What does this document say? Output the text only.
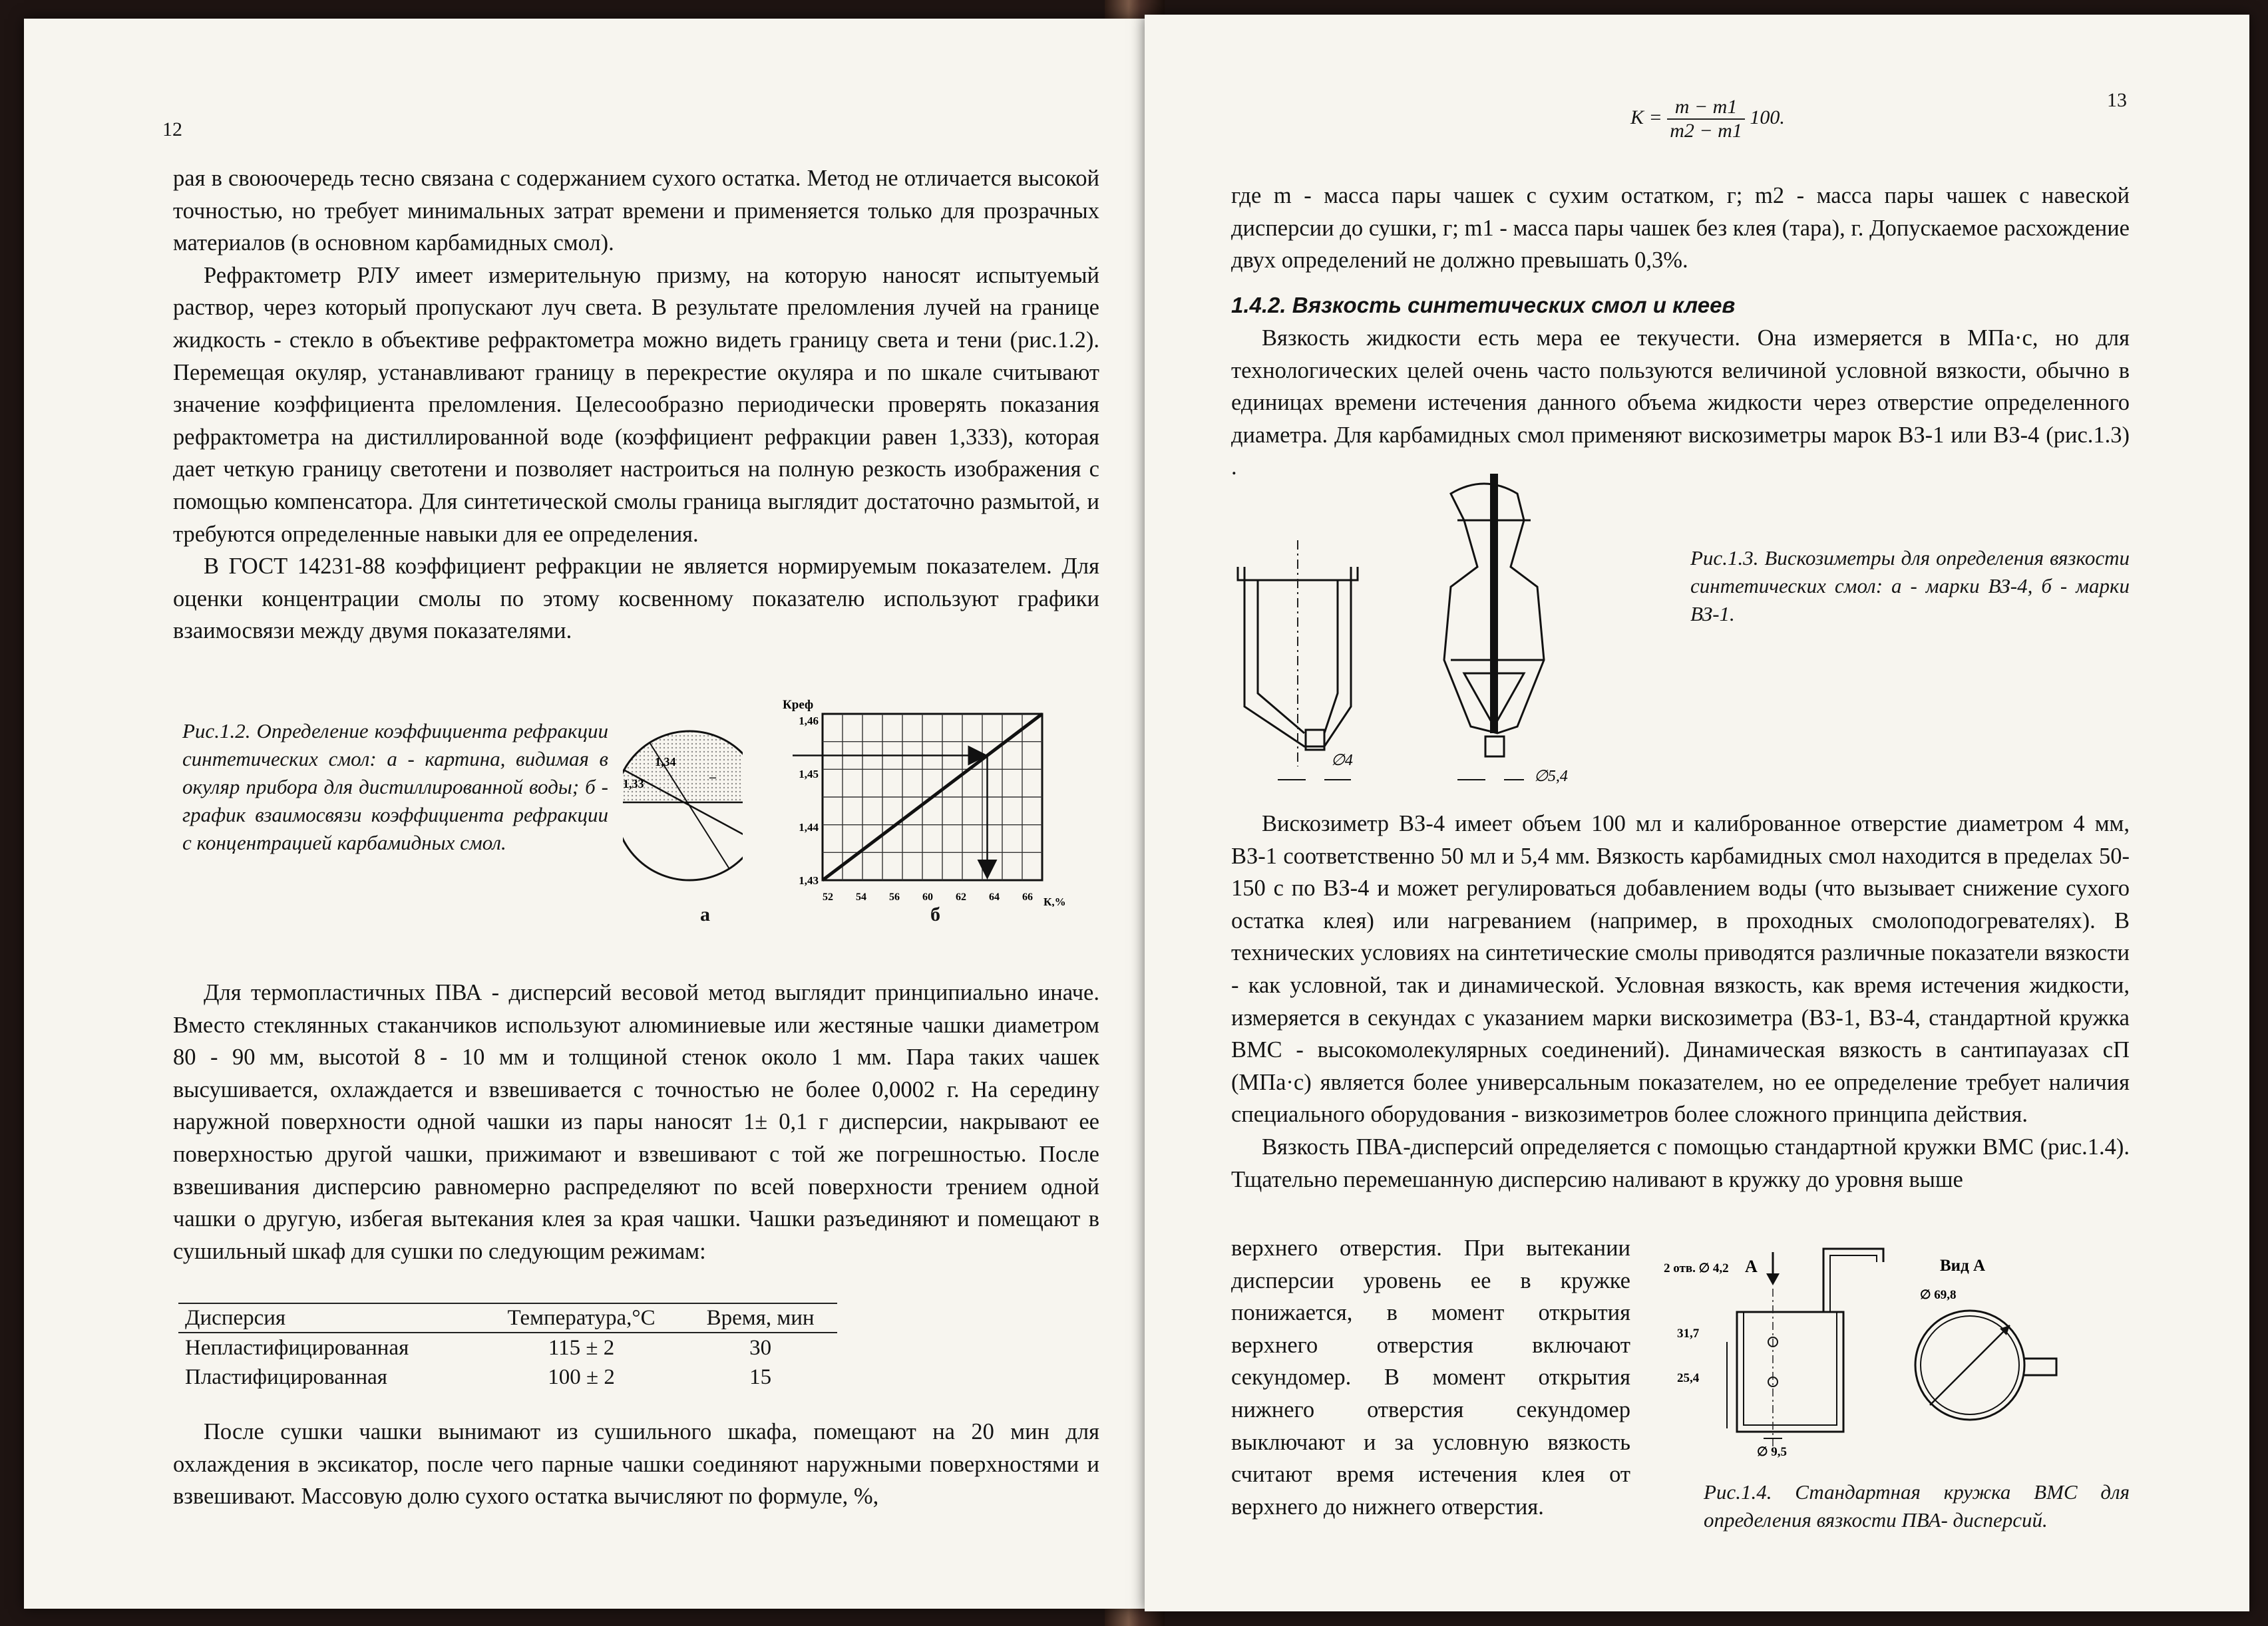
12

рая в своюочередь тесно связана с содержанием сухого остатка. Метод не отличается высокой точностью, но требует минимальных затрат времени и применяется только для прозрачных материалов (в основном карбамидных смол).

Рефрактометр РЛУ имеет измерительную призму, на которую наносят испытуемый раствор, через который пропускают луч света. В результате преломления лучей на границе жидкость - стекло в объективе рефрактометра можно видеть границу света и тени (рис.1.2). Перемещая окуляр, устанавливают границу в перекрестие окуляра и по шкале считывают значение коэффициента преломления. Целесообразно периодически проверять показания рефрактометра на дистиллированной воде (коэффициент рефракции равен 1,333), которая дает четкую границу светотени и позволяет настроиться на полную резкость изображения с помощью компенсатора. Для синтетической смолы граница выглядит достаточно размытой, и требуются определенные навыки для ее определения.

В ГОСТ 14231-88 коэффициент рефракции не является нормируемым показателем. Для оценки концентрации смолы по этому косвенному показателю используют графики взаимосвязи между двумя показателями.

Рис.1.2. Определение коэффициента рефракции синтетических смол: а - картина, видимая в окуляр прибора для дистиллированной воды; б - график взаимосвязи коэффициента рефракции с концентрацией карбамидных смол.
1,34
1,33	–
а
52 54 56 60 62 64 66
1,46
1,45
1,44
1,43
Креф
К,%
б

Для термопластичных ПВА - дисперсий весовой метод выглядит принципиально иначе. Вместо стеклянных стаканчиков используют алюминиевые или жестяные чашки диаметром 80 - 90 мм, высотой 8 - 10 мм и толщиной стенок около 1 мм. Пара таких чашек высушивается, охлаждается и взвешивается с точностью не более 0,0002 г. На середину наружной поверхности одной чашки из пары наносят 1± 0,1 г дисперсии, накрывают ее поверхностью другой чашки, прижимают и взвешивают с той же погрешностью. После взвешивания дисперсию равномерно распределяют по всей поверхности трением одной чашки о другую, избегая вытекания клея за края чашки. Чашки разъединяют и помещают в сушильный шкаф для сушки по следующим режимам:

Дисперсия	Температура,°С	Время, мин
Непластифицированная	115 ± 2	30
Пластифицированная	100 ± 2	15

После сушки чашки вынимают из сушильного шкафа, помещают на 20 мин для охлаждения в эксикатор, после чего парные чашки соединяют наружными поверхностями и взвешивают. Массовую долю сухого остатка вычисляют по формуле, %,

13
$K = \frac{m - m1}{m2 - m1} 100$.

где m - масса пары чашек с сухим остатком, г; m2 - масса пары чашек с навеской дисперсии до сушки, г; m1 - масса пары чашек без клея (тара), г. Допускаемое расхождение двух определений не должно превышать 0,3%.

1.4.2. Вязкость синтетических смол и клеев

Вязкость жидкости есть мера ее текучести. Она измеряется в МПа·с, но для технологических целей очень часто пользуются величиной условной вязкости, обычно в единицах времени истечения данного объема жидкости через отверстие определенного диаметра. Для карбамидных смол применяют вискозиметры марок ВЗ-1 или ВЗ-4 (рис.1.3) .

∅4
∅5,4
Рис.1.3. Вискозиметры для определения вязкости синтетических смол: а - марки ВЗ-4, б - марки ВЗ-1.

Вискозиметр ВЗ-4 имеет объем 100 мл и калиброванное отверстие диаметром 4 мм, ВЗ-1 соответственно 50 мл и 5,4 мм. Вязкость карбамидных смол находится в пределах 50-150 с по ВЗ-4 и может регулироваться добавлением воды (что вызывает снижение сухого остатка клея) или нагреванием (например, в проходных смолоподогревателях). В технических условиях на синтетические смолы приводятся различные показатели вязкости - как условной, так и динамической. Условная вязкость, как время истечения жидкости, измеряется в секундах с указанием марки вискозиметра (ВЗ-1, ВЗ-4, стандартной кружка ВМС - высокомолекулярных соединений). Динамическая вязкость в сантипауазах сП (МПа·с) является более универсальным показателем, но ее определение требует наличия специального оборудования - визкозиметров более сложного принципа действия.

Вязкость ПВА-дисперсий определяется с помощью стандартной кружки ВМС (рис.1.4). Тщательно перемешанную дисперсию наливают в кружку до уровня выше

верхнего отверстия. При вытекании дисперсии уровень ее в кружке понижается, в момент открытия верхнего отверстия включают секундомер. В момент открытия нижнего отверстия секундомер выключают и за условную вязкость считают время истечения клея от верхнего до нижнего отверстия.

2 отв. ∅ 4,2 А
31,7
25,4
∅ 9,5
Вид А
∅ 69,8
Рис.1.4. Стандартная кружка ВМС для определения вязкости ПВА- дисперсий.
